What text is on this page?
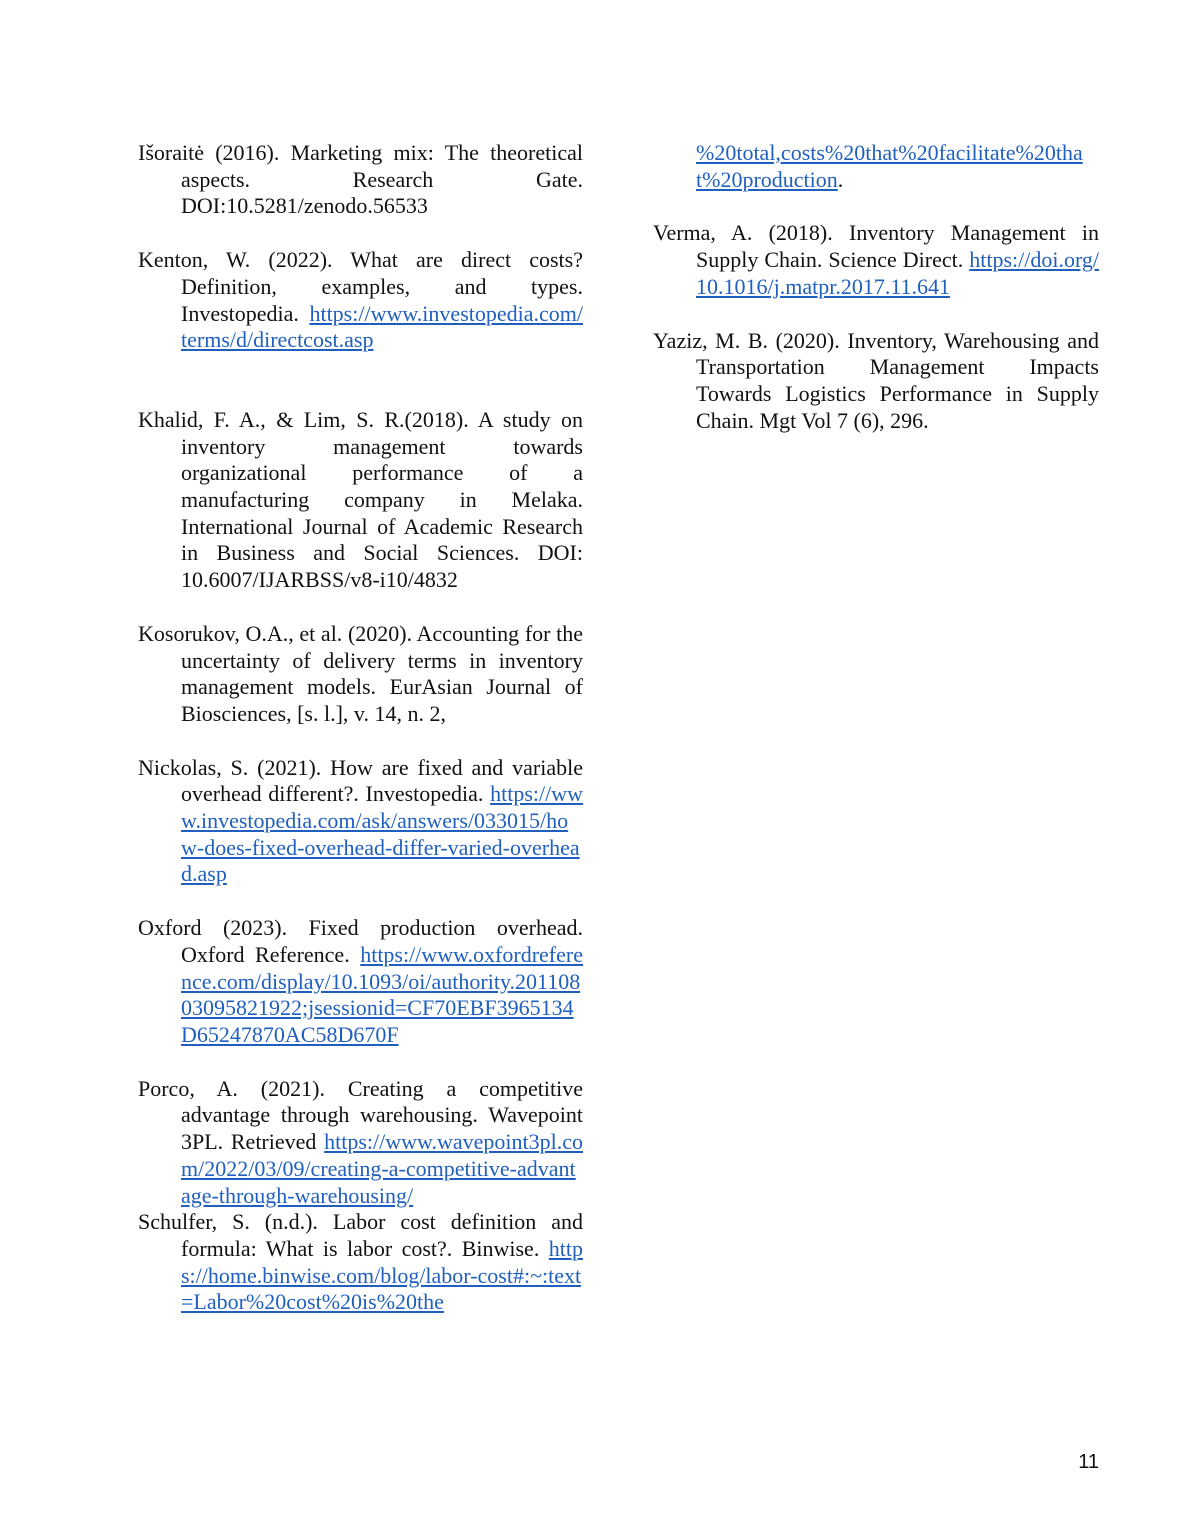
Išoraitė (2016). Marketing mix: The theoretical aspects. Research Gate. DOI:10.5281/zenodo.56533

Kenton, W. (2022). What are direct costs? Definition, examples, and types. Investopedia. https://www.investopedia.com/terms/d/directcost.asp

Khalid, F. A., & Lim, S. R.(2018). A study on inventory management towards organizational performance of a manufacturing company in Melaka. International Journal of Academic Research in Business and Social Sciences. DOI: 10.6007/IJARBSS/v8-i10/4832

Kosorukov, O.A., et al. (2020). Accounting for the uncertainty of delivery terms in inventory management models. EurAsian Journal of Biosciences, [s. l.], v. 14, n. 2,

Nickolas, S. (2021). How are fixed and variable overhead different?. Investopedia. https://www.investopedia.com/ask/answers/033015/how-does-fixed-overhead-differ-varied-overhead.asp

Oxford (2023). Fixed production overhead. Oxford Reference. https://www.oxfordreference.com/display/10.1093/oi/authority.20110803095821922;jsessionid=CF70EBF3965134D65247870AC58D670F

Porco, A. (2021). Creating a competitive advantage through warehousing. Wavepoint 3PL. Retrieved https://www.wavepoint3pl.com/2022/03/09/creating-a-competitive-advantage-through-warehousing/

Schulfer, S. (n.d.). Labor cost definition and formula: What is labor cost?. Binwise. https://home.binwise.com/blog/labor-cost#:~:text=Labor%20cost%20is%20the

%20total,costs%20that%20facilitate%20that%20production.

Verma, A. (2018). Inventory Management in Supply Chain. Science Direct. https://doi.org/10.1016/j.matpr.2017.11.641

Yaziz, M. B. (2020). Inventory, Warehousing and Transportation Management Impacts Towards Logistics Performance in Supply Chain. Mgt Vol 7 (6), 296.

11
